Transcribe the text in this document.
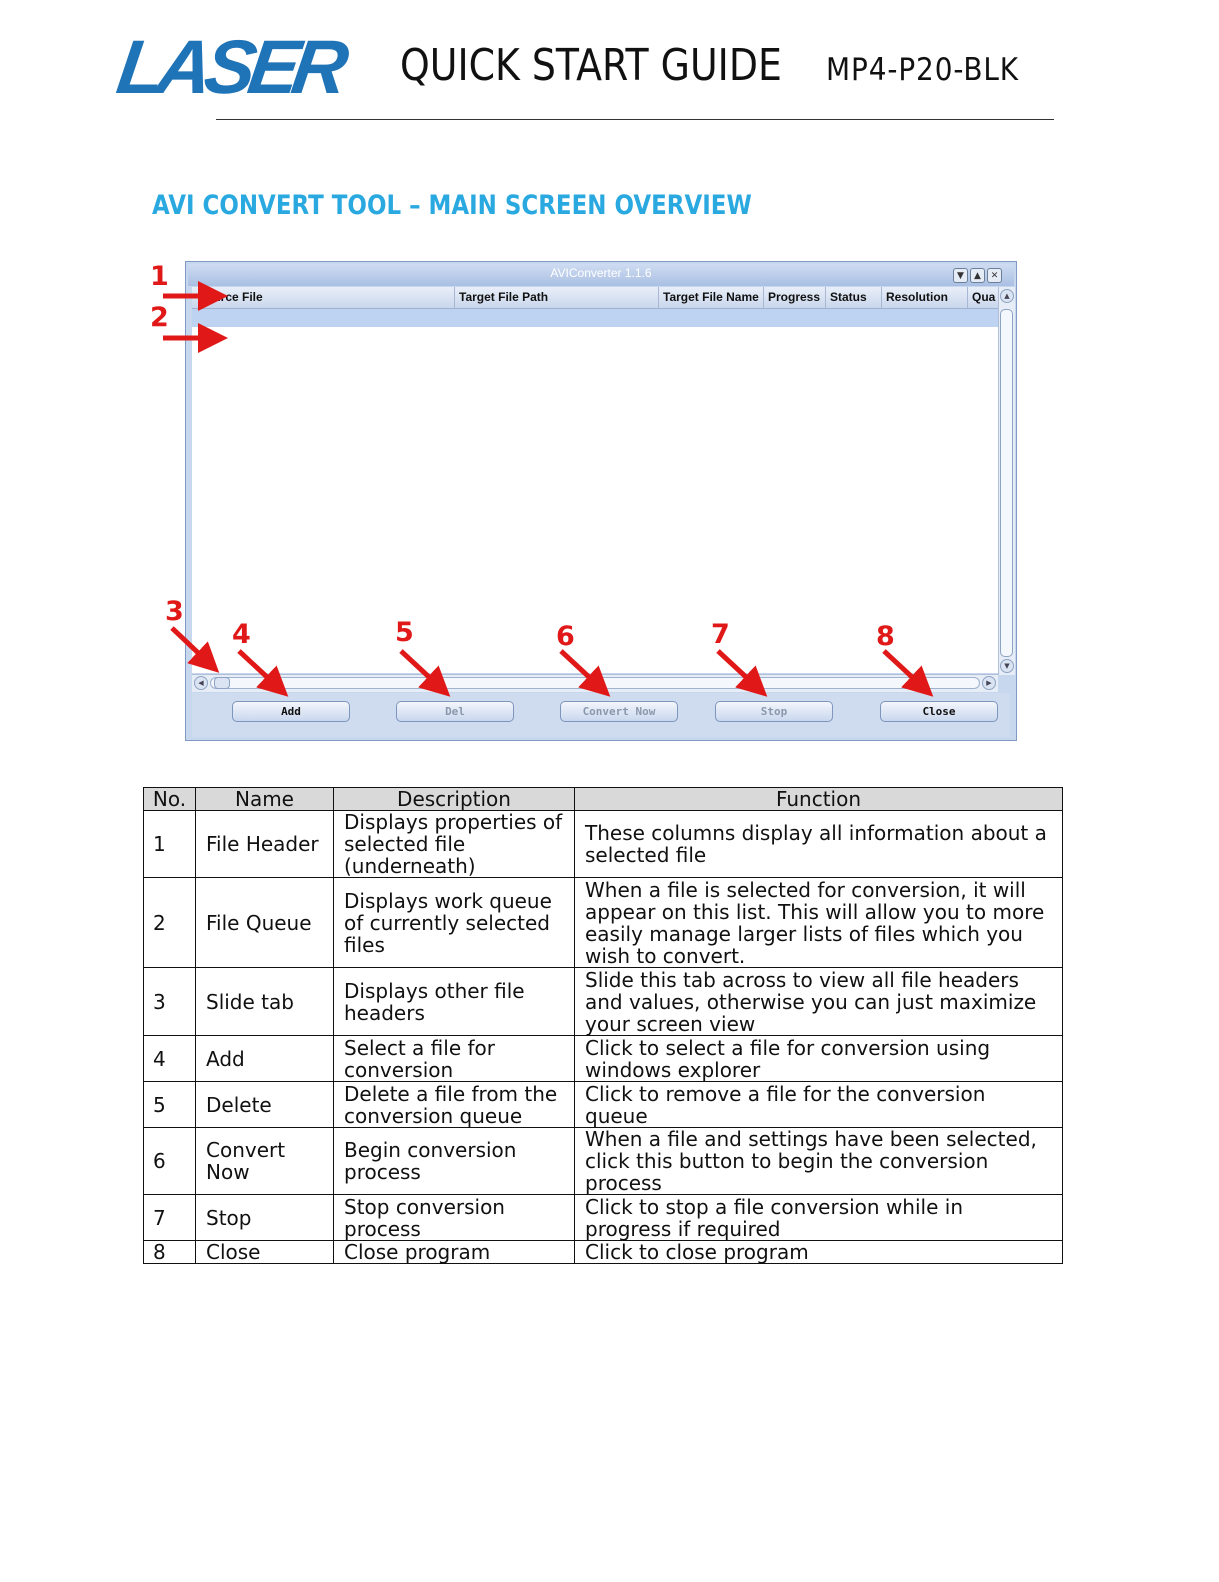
LASER QUICK START GUIDE MP4-P20-BLK
AVI CONVERT TOOL – MAIN SCREEN OVERVIEW
AVIConverter 1.1.6	▼	▲	✕
Source File	Target File Path	Target File Name Progress Status	Resolution	Qua	▲
▼
◀	▶
Add	Del	Convert Now	Stop	Close
1
2
3
4	5	6	7	8
No.	Name	Description	Function
1	File Header	Displays properties of selected file (underneath)	These columns display all information about a selected file
2	File Queue	Displays work queue of currently selected files	When a file is selected for conversion, it will appear on this list. This will allow you to more easily manage larger lists of files which you wish to convert.
3	Slide tab	Displays other file headers	Slide this tab across to view all file headers and values, otherwise you can just maximize your screen view
4	Add	Select a file for conversion	Click to select a file for conversion using windows explorer
5	Delete	Delete a file from the conversion queue	Click to remove a file for the conversion queue
6	Convert Now	Begin conversion process	When a file and settings have been selected, click this button to begin the conversion process
7	Stop	Stop conversion process	Click to stop a file conversion while in progress if required
8	Close	Close program	Click to close program
